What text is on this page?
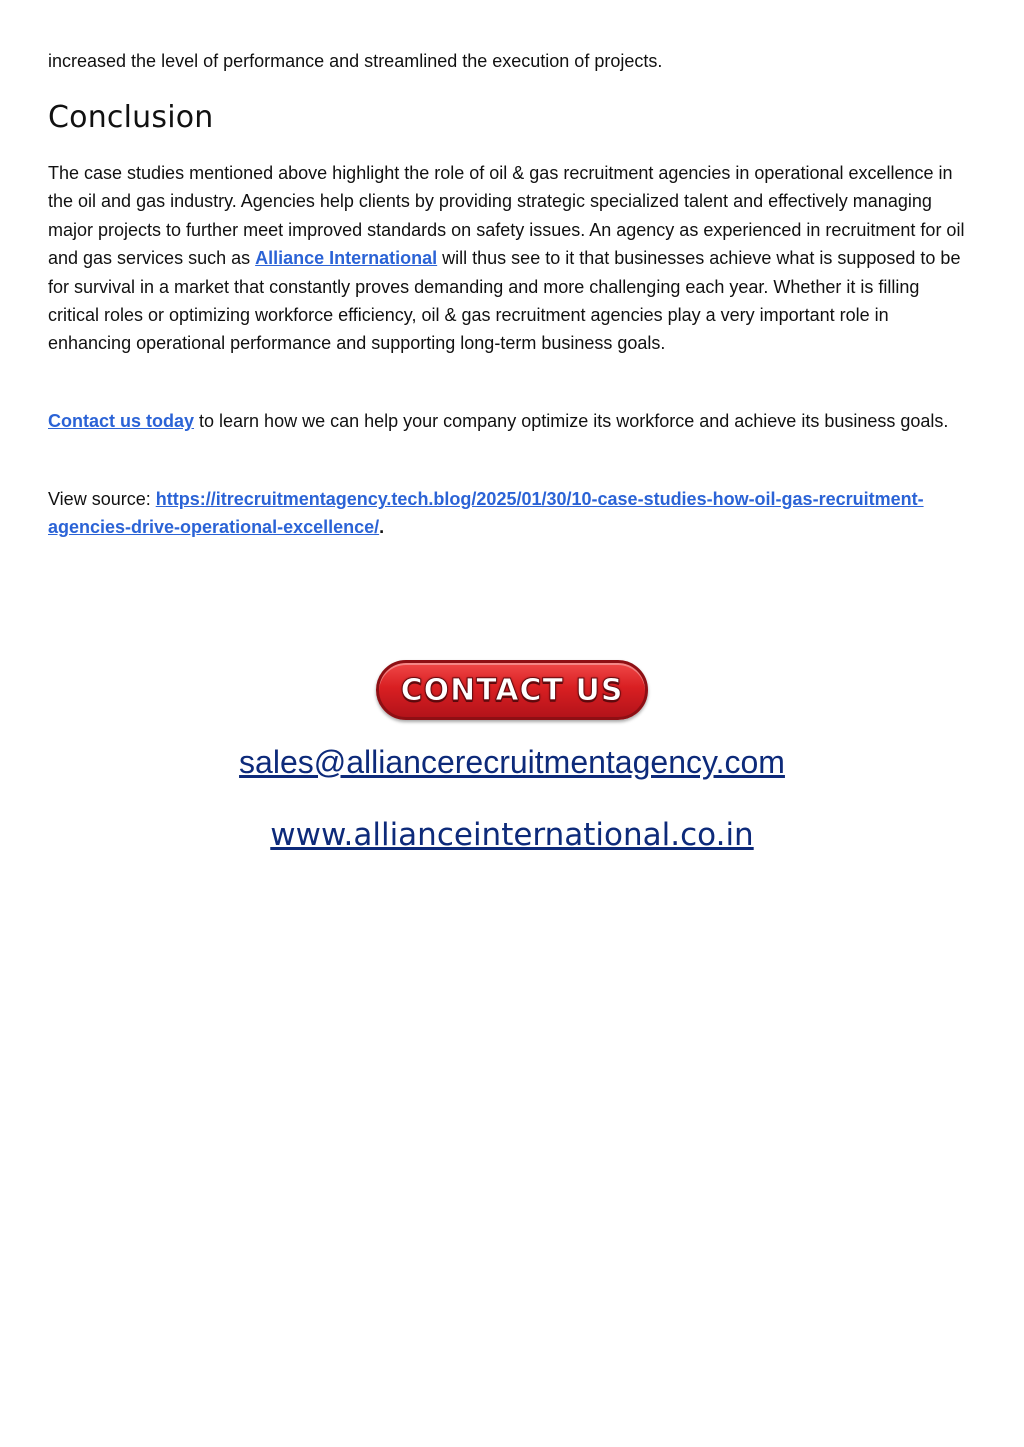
increased the level of performance and streamlined the execution of projects.

Conclusion

The case studies mentioned above highlight the role of oil & gas recruitment agencies in operational excellence in the oil and gas industry. Agencies help clients by providing strategic specialized talent and effectively managing major projects to further meet improved standards on safety issues. An agency as experienced in recruitment for oil and gas services such as Alliance International will thus see to it that businesses achieve what is supposed to be for survival in a market that constantly proves demanding and more challenging each year. Whether it is filling critical roles or optimizing workforce efficiency, oil & gas recruitment agencies play a very important role in enhancing operational performance and supporting long-term business goals.

Contact us today to learn how we can help your company optimize its workforce and achieve its business goals.

View source: https://itrecruitmentagency.tech.blog/2025/01/30/10-case-studies-how-oil-gas-recruitment-agencies-drive-operational-excellence/.

CONTACT US
sales@alliancerecruitmentagency.com
www.allianceinternational.co.in
